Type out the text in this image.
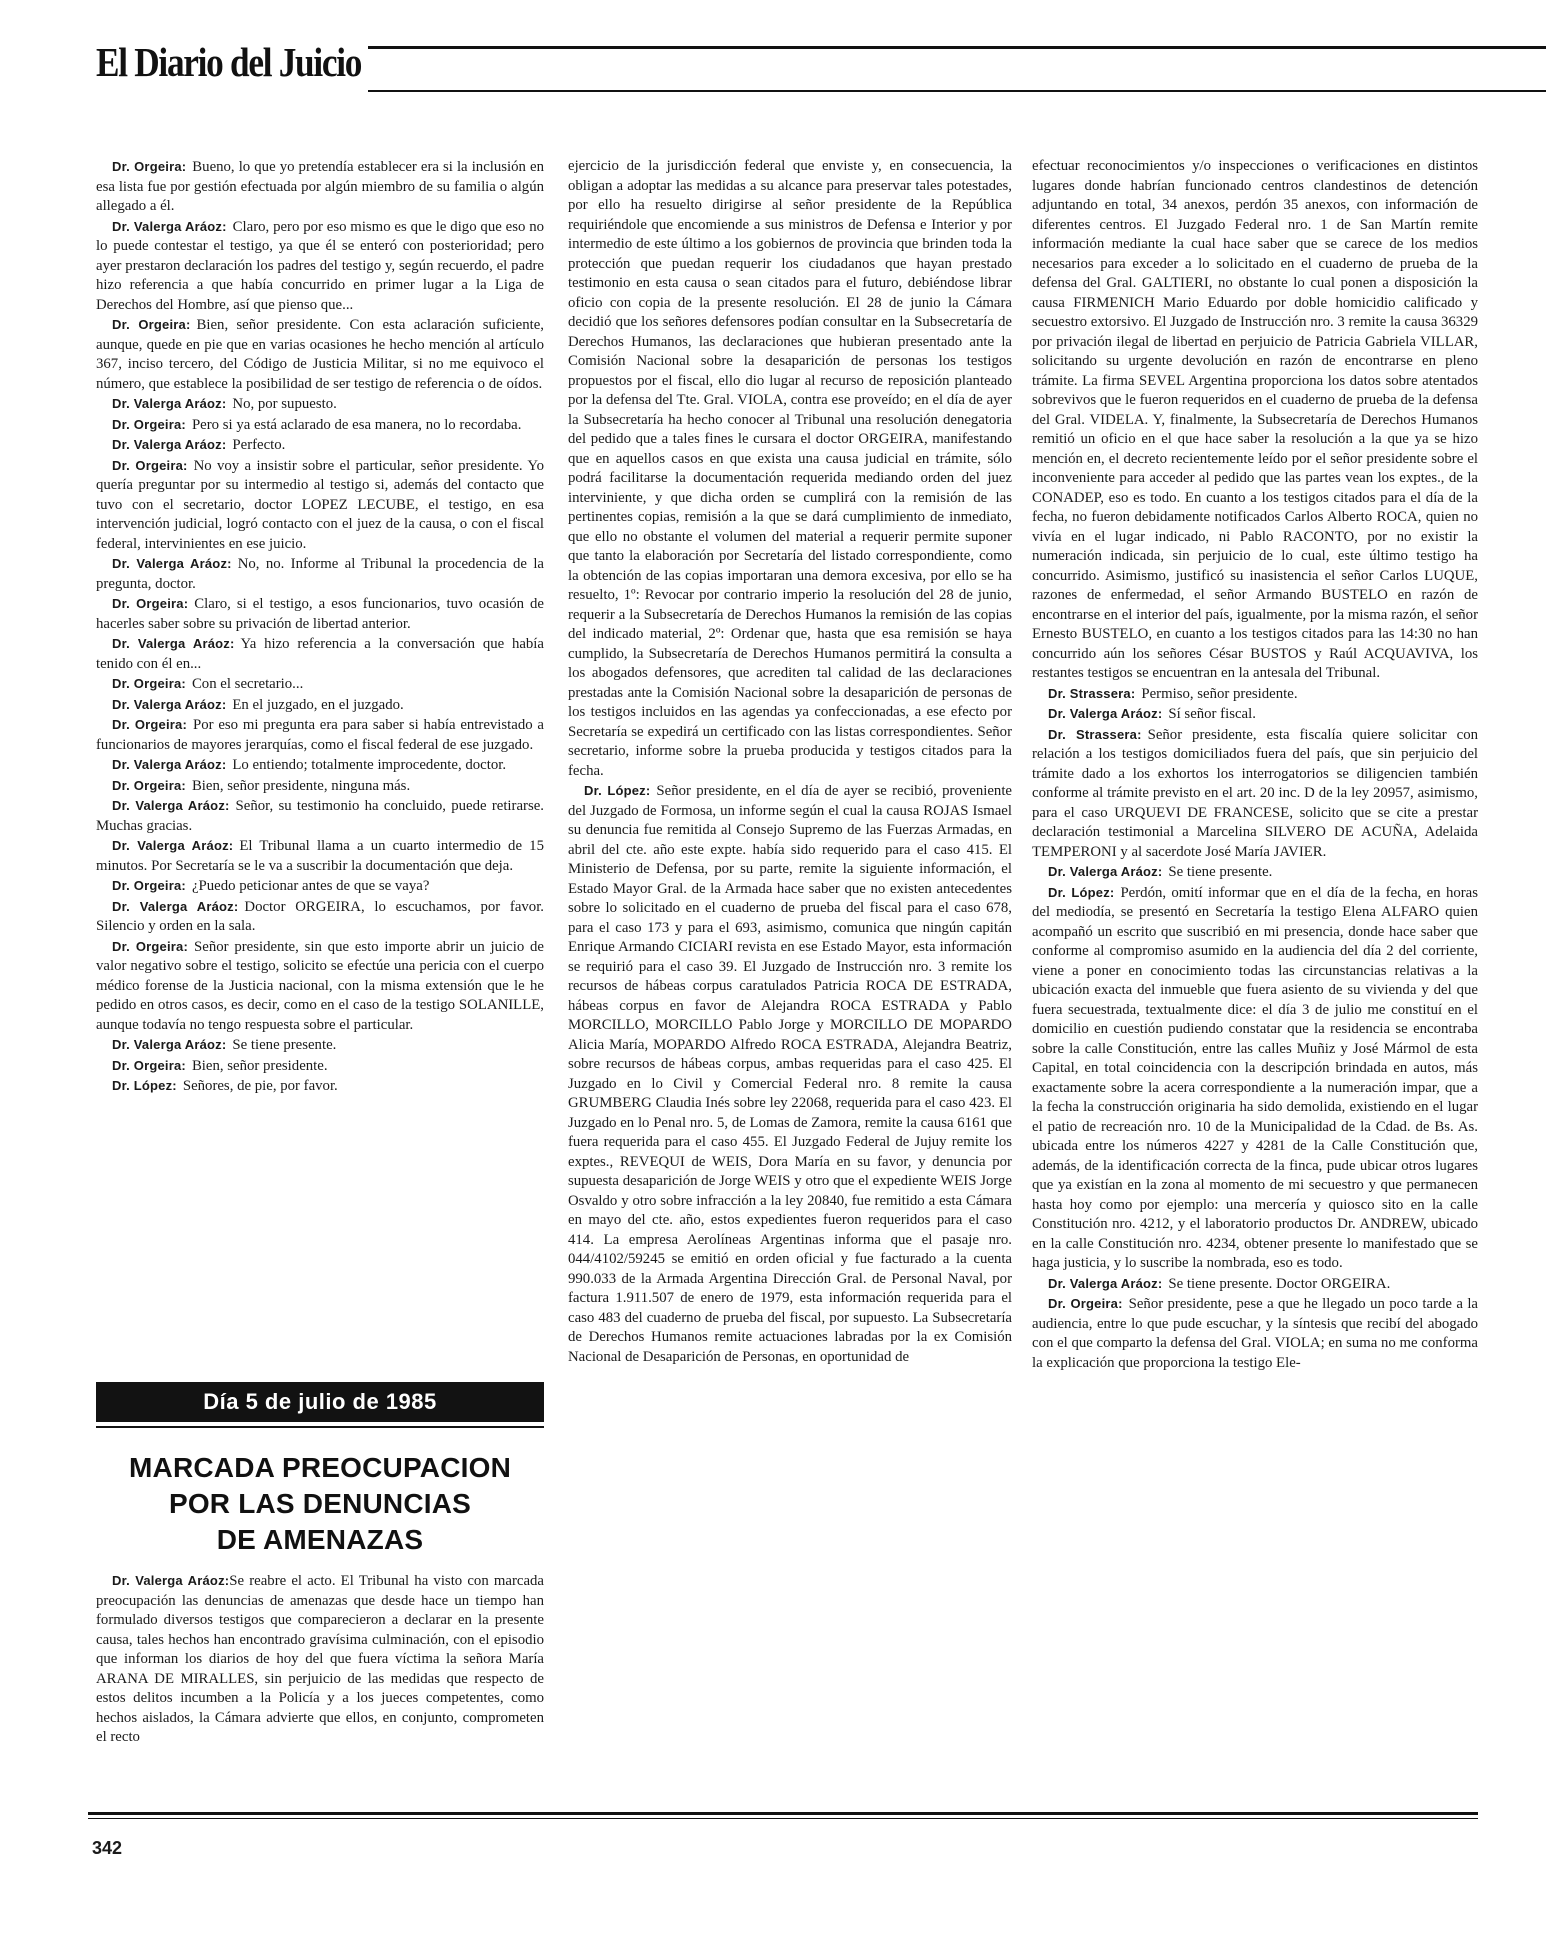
El Diario del Juicio

Dr. Orgeira: Bueno, lo que yo pretendía establecer era si la inclusión en esa lista fue por gestión efectuada por algún miembro de su familia o algún allegado a él.

Dr. Valerga Aráoz: Claro, pero por eso mismo es que le digo que eso no lo puede contestar el testigo, ya que él se enteró con posterioridad; pero ayer prestaron declaración los padres del testigo y, según recuerdo, el padre hizo referencia a que había concurrido en primer lugar a la Liga de Derechos del Hombre, así que pienso que...

Dr. Orgeira: Bien, señor presidente. Con esta aclaración suficiente, aunque, quede en pie que en varias ocasiones he hecho mención al artículo 367, inciso tercero, del Código de Justicia Militar, si no me equivoco el número, que establece la posibilidad de ser testigo de referencia o de oídos.

Dr. Valerga Aráoz: No, por supuesto.

Dr. Orgeira: Pero si ya está aclarado de esa manera, no lo recordaba.

Dr. Valerga Aráoz: Perfecto.

Dr. Orgeira: No voy a insistir sobre el particular, señor presidente. Yo quería preguntar por su intermedio al testigo si, además del contacto que tuvo con el secretario, doctor LOPEZ LECUBE, el testigo, en esa intervención judicial, logró contacto con el juez de la causa, o con el fiscal federal, intervinientes en ese juicio.

Dr. Valerga Aráoz: No, no. Informe al Tribunal la procedencia de la pregunta, doctor.

Dr. Orgeira: Claro, si el testigo, a esos funcionarios, tuvo ocasión de hacerles saber sobre su privación de libertad anterior.

Dr. Valerga Aráoz: Ya hizo referencia a la conversación que había tenido con él en...

Dr. Orgeira: Con el secretario...

Dr. Valerga Aráoz: En el juzgado, en el juzgado.

Dr. Orgeira: Por eso mi pregunta era para saber si había entrevistado a funcionarios de mayores jerarquías, como el fiscal federal de ese juzgado.

Dr. Valerga Aráoz: Lo entiendo; totalmente improcedente, doctor.

Dr. Orgeira: Bien, señor presidente, ninguna más.

Dr. Valerga Aráoz: Señor, su testimonio ha concluido, puede retirarse. Muchas gracias.

Dr. Valerga Aráoz: El Tribunal llama a un cuarto intermedio de 15 minutos. Por Secretaría se le va a suscribir la documentación que deja.

Dr. Orgeira: ¿Puedo peticionar antes de que se vaya?

Dr. Valerga Aráoz: Doctor ORGEIRA, lo escuchamos, por favor. Silencio y orden en la sala.

Dr. Orgeira: Señor presidente, sin que esto importe abrir un juicio de valor negativo sobre el testigo, solicito se efectúe una pericia con el cuerpo médico forense de la Justicia nacional, con la misma extensión que le he pedido en otros casos, es decir, como en el caso de la testigo SOLANILLE, aunque todavía no tengo respuesta sobre el particular.

Dr. Valerga Aráoz: Se tiene presente.

Dr. Orgeira: Bien, señor presidente.

Dr. López: Señores, de pie, por favor.

Día 5 de julio de 1985
MARCADA PREOCUPACION
POR LAS DENUNCIAS
DE AMENAZAS

Dr. Valerga Aráoz:Se reabre el acto. El Tribunal ha visto con marcada preocupación las denuncias de amenazas que desde hace un tiempo han formulado diversos testigos que comparecieron a declarar en la presente causa, tales hechos han encontrado gravísima culminación, con el episodio que informan los diarios de hoy del que fuera víctima la señora María ARANA DE MIRALLES, sin perjuicio de las medidas que respecto de estos delitos incumben a la Policía y a los jueces competentes, como hechos aislados, la Cámara advierte que ellos, en conjunto, comprometen el recto

ejercicio de la jurisdicción federal que enviste y, en consecuencia, la obligan a adoptar las medidas a su alcance para preservar tales potestades, por ello ha resuelto dirigirse al señor presidente de la República requiriéndole que encomiende a sus ministros de Defensa e Interior y por intermedio de este último a los gobiernos de provincia que brinden toda la protección que puedan requerir los ciudadanos que hayan prestado testimonio en esta causa o sean citados para el futuro, debiéndose librar oficio con copia de la presente resolución. El 28 de junio la Cámara decidió que los señores defensores podían consultar en la Subsecretaría de Derechos Humanos, las declaraciones que hubieran presentado ante la Comisión Nacional sobre la desaparición de personas los testigos propuestos por el fiscal, ello dio lugar al recurso de reposición planteado por la defensa del Tte. Gral. VIOLA, contra ese proveído; en el día de ayer la Subsecretaría ha hecho conocer al Tribunal una resolución denegatoria del pedido que a tales fines le cursara el doctor ORGEIRA, manifestando que en aquellos casos en que exista una causa judicial en trámite, sólo podrá facilitarse la documentación requerida mediando orden del juez interviniente, y que dicha orden se cumplirá con la remisión de las pertinentes copias, remisión a la que se dará cumplimiento de inmediato, que ello no obstante el volumen del material a requerir permite suponer que tanto la elaboración por Secretaría del listado correspondiente, como la obtención de las copias importaran una demora excesiva, por ello se ha resuelto, 1º: Revocar por contrario imperio la resolución del 28 de junio, requerir a la Subsecretaría de Derechos Humanos la remisión de las copias del indicado material, 2º: Ordenar que, hasta que esa remisión se haya cumplido, la Subsecretaría de Derechos Humanos permitirá la consulta a los abogados defensores, que acrediten tal calidad de las declaraciones prestadas ante la Comisión Nacional sobre la desaparición de personas de los testigos incluidos en las agendas ya confeccionadas, a ese efecto por Secretaría se expedirá un certificado con las listas correspondientes. Señor secretario, informe sobre la prueba producida y testigos citados para la fecha.

Dr. López: Señor presidente, en el día de ayer se recibió, proveniente del Juzgado de Formosa, un informe según el cual la causa ROJAS Ismael su denuncia fue remitida al Consejo Supremo de las Fuerzas Armadas, en abril del cte. año este expte. había sido requerido para el caso 415. El Ministerio de Defensa, por su parte, remite la siguiente información, el Estado Mayor Gral. de la Armada hace saber que no existen antecedentes sobre lo solicitado en el cuaderno de prueba del fiscal para el caso 678, para el caso 173 y para el 693, asimismo, comunica que ningún capitán Enrique Armando CICIARI revista en ese Estado Mayor, esta información se requirió para el caso 39. El Juzgado de Instrucción nro. 3 remite los recursos de hábeas corpus caratulados Patricia ROCA DE ESTRADA, hábeas corpus en favor de Alejandra ROCA ESTRADA y Pablo MORCILLO, MORCILLO Pablo Jorge y MORCILLO DE MOPARDO Alicia María, MOPARDO Alfredo ROCA ESTRADA, Alejandra Beatriz, sobre recursos de hábeas corpus, ambas requeridas para el caso 425. El Juzgado en lo Civil y Comercial Federal nro. 8 remite la causa GRUMBERG Claudia Inés sobre ley 22068, requerida para el caso 423. El Juzgado en lo Penal nro. 5, de Lomas de Zamora, remite la causa 6161 que fuera requerida para el caso 455. El Juzgado Federal de Jujuy remite los exptes., REVEQUI de WEIS, Dora María en su favor, y denuncia por supuesta desaparición de Jorge WEIS y otro que el expediente WEIS Jorge Osvaldo y otro sobre infracción a la ley 20840, fue remitido a esta Cámara en mayo del cte. año, estos expedientes fueron requeridos para el caso 414. La empresa Aerolíneas Argentinas informa que el pasaje nro. 044/4102/59245 se emitió en orden oficial y fue facturado a la cuenta 990.033 de la Armada Argentina Dirección Gral. de Personal Naval, por factura 1.911.507 de enero de 1979, esta información requerida para el caso 483 del cuaderno de prueba del fiscal, por supuesto. La Subsecretaría de Derechos Humanos remite actuaciones labradas por la ex Comisión Nacional de Desaparición de Personas, en oportunidad de

efectuar reconocimientos y/o inspecciones o verificaciones en distintos lugares donde habrían funcionado centros clandestinos de detención adjuntando en total, 34 anexos, perdón 35 anexos, con información de diferentes centros. El Juzgado Federal nro. 1 de San Martín remite información mediante la cual hace saber que se carece de los medios necesarios para exceder a lo solicitado en el cuaderno de prueba de la defensa del Gral. GALTIERI, no obstante lo cual ponen a disposición la causa FIRMENICH Mario Eduardo por doble homicidio calificado y secuestro extorsivo. El Juzgado de Instrucción nro. 3 remite la causa 36329 por privación ilegal de libertad en perjuicio de Patricia Gabriela VILLAR, solicitando su urgente devolución en razón de encontrarse en pleno trámite. La firma SEVEL Argentina proporciona los datos sobre atentados sobrevivos que le fueron requeridos en el cuaderno de prueba de la defensa del Gral. VIDELA. Y, finalmente, la Subsecretaría de Derechos Humanos remitió un oficio en el que hace saber la resolución a la que ya se hizo mención en, el decreto recientemente leído por el señor presidente sobre el inconveniente para acceder al pedido que las partes vean los exptes., de la CONADEP, eso es todo. En cuanto a los testigos citados para el día de la fecha, no fueron debidamente notificados Carlos Alberto ROCA, quien no vivía en el lugar indicado, ni Pablo RACONTO, por no existir la numeración indicada, sin perjuicio de lo cual, este último testigo ha concurrido. Asimismo, justificó su inasistencia el señor Carlos LUQUE, razones de enfermedad, el señor Armando BUSTELO en razón de encontrarse en el interior del país, igualmente, por la misma razón, el señor Ernesto BUSTELO, en cuanto a los testigos citados para las 14:30 no han concurrido aún los señores César BUSTOS y Raúl ACQUAVIVA, los restantes testigos se encuentran en la antesala del Tribunal.

Dr. Strassera: Permiso, señor presidente.

Dr. Valerga Aráoz: Sí señor fiscal.

Dr. Strassera: Señor presidente, esta fiscalía quiere solicitar con relación a los testigos domiciliados fuera del país, que sin perjuicio del trámite dado a los exhortos los interrogatorios se diligencien también conforme al trámite previsto en el art. 20 inc. D de la ley 20957, asimismo, para el caso URQUEVI DE FRANCESE, solicito que se cite a prestar declaración testimonial a Marcelina SILVERO DE ACUÑA, Adelaida TEMPERONI y al sacerdote José María JAVIER.

Dr. Valerga Aráoz: Se tiene presente.

Dr. López: Perdón, omití informar que en el día de la fecha, en horas del mediodía, se presentó en Secretaría la testigo Elena ALFARO quien acompañó un escrito que suscribió en mi presencia, donde hace saber que conforme al compromiso asumido en la audiencia del día 2 del corriente, viene a poner en conocimiento todas las circunstancias relativas a la ubicación exacta del inmueble que fuera asiento de su vivienda y del que fuera secuestrada, textualmente dice: el día 3 de julio me constituí en el domicilio en cuestión pudiendo constatar que la residencia se encontraba sobre la calle Constitución, entre las calles Muñiz y José Mármol de esta Capital, en total coincidencia con la descripción brindada en autos, más exactamente sobre la acera correspondiente a la numeración impar, que a la fecha la construcción originaria ha sido demolida, existiendo en el lugar el patio de recreación nro. 10 de la Municipalidad de la Cdad. de Bs. As. ubicada entre los números 4227 y 4281 de la Calle Constitución que, además, de la identificación correcta de la finca, pude ubicar otros lugares que ya existían en la zona al momento de mi secuestro y que permanecen hasta hoy como por ejemplo: una mercería y quiosco sito en la calle Constitución nro. 4212, y el laboratorio productos Dr. ANDREW, ubicado en la calle Constitución nro. 4234, obtener presente lo manifestado que se haga justicia, y lo suscribe la nombrada, eso es todo.

Dr. Valerga Aráoz: Se tiene presente. Doctor ORGEIRA.

Dr. Orgeira: Señor presidente, pese a que he llegado un poco tarde a la audiencia, entre lo que pude escuchar, y la síntesis que recibí del abogado con el que comparto la defensa del Gral. VIOLA; en suma no me conforma la explicación que proporciona la testigo Ele-

342
